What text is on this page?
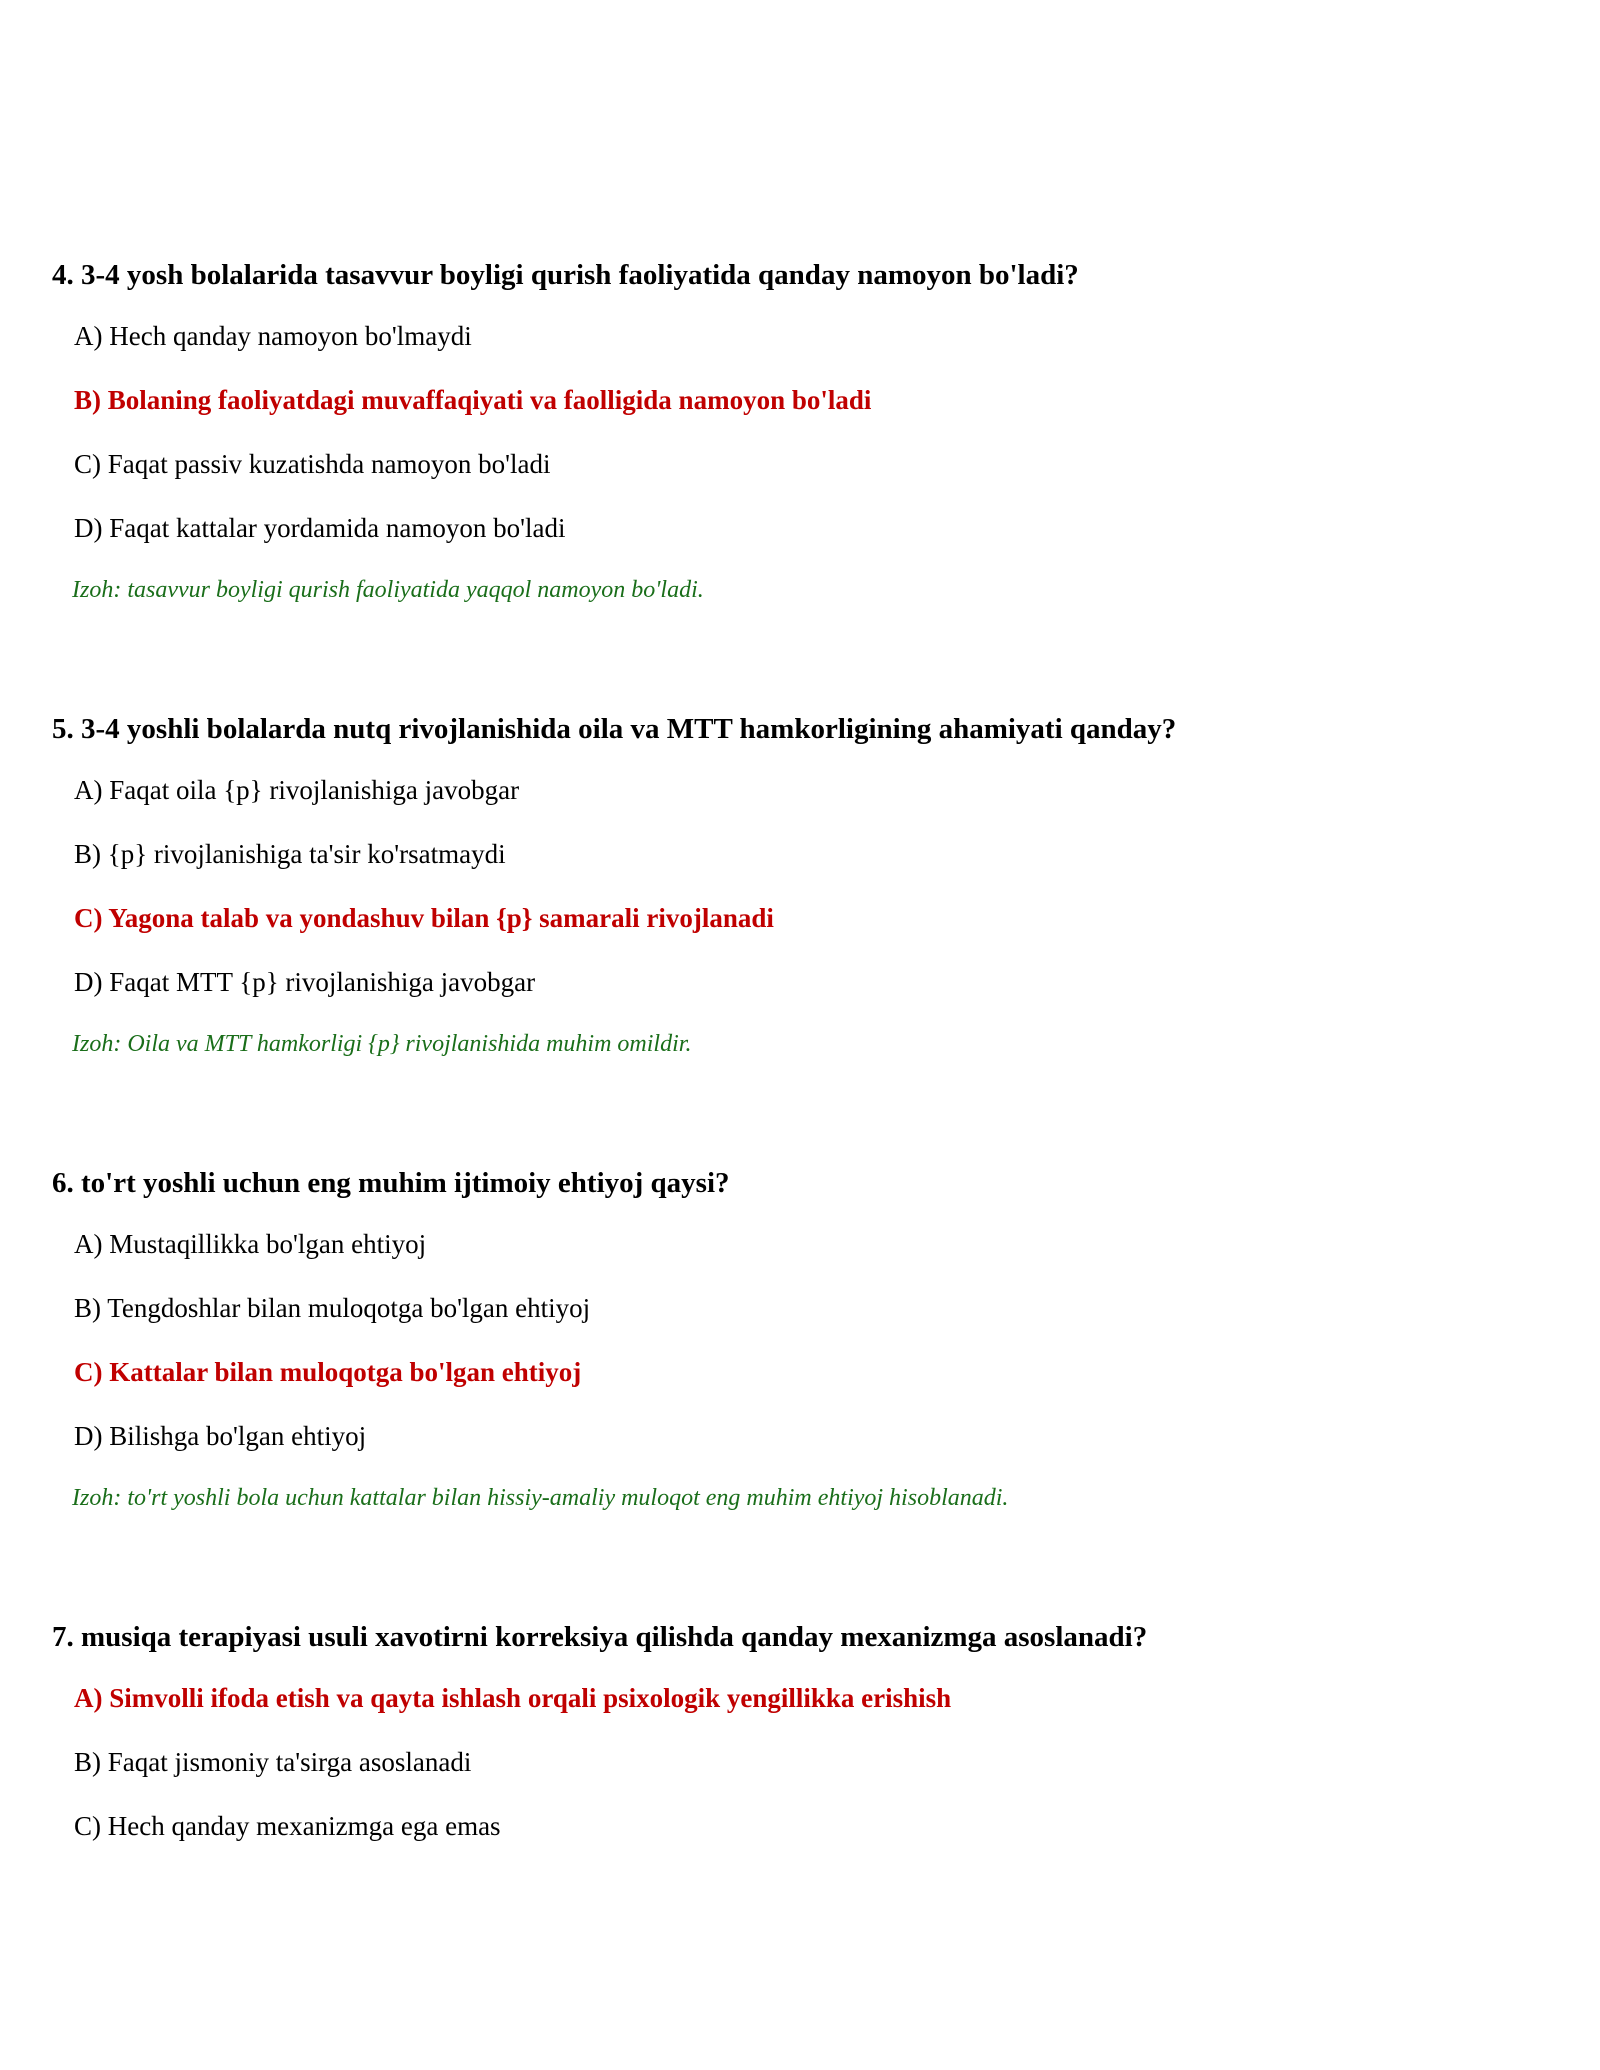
4. 3-4 yosh bolalarida tasavvur boyligi qurish faoliyatida qanday namoyon bo'ladi?
A) Hech qanday namoyon bo'lmaydi
B) Bolaning faoliyatdagi muvaffaqiyati va faolligida namoyon bo'ladi
C) Faqat passiv kuzatishda namoyon bo'ladi
D) Faqat kattalar yordamida namoyon bo'ladi
Izoh: tasavvur boyligi qurish faoliyatida yaqqol namoyon bo'ladi.
5. 3-4 yoshli bolalarda nutq rivojlanishida oila va MTT hamkorligining ahamiyati qanday?
A) Faqat oila {p} rivojlanishiga javobgar
B) {p} rivojlanishiga ta'sir ko'rsatmaydi
C) Yagona talab va yondashuv bilan {p} samarali rivojlanadi
D) Faqat MTT {p} rivojlanishiga javobgar
Izoh: Oila va MTT hamkorligi {p} rivojlanishida muhim omildir.
6. to'rt yoshli uchun eng muhim ijtimoiy ehtiyoj qaysi?
A) Mustaqillikka bo'lgan ehtiyoj
B) Tengdoshlar bilan muloqotga bo'lgan ehtiyoj
C) Kattalar bilan muloqotga bo'lgan ehtiyoj
D) Bilishga bo'lgan ehtiyoj
Izoh: to'rt yoshli bola uchun kattalar bilan hissiy-amaliy muloqot eng muhim ehtiyoj hisoblanadi.
7. musiqa terapiyasi usuli xavotirni korreksiya qilishda qanday mexanizmga asoslanadi?
A) Simvolli ifoda etish va qayta ishlash orqali psixologik yengillikka erishish
B) Faqat jismoniy ta'sirga asoslanadi
C) Hech qanday mexanizmga ega emas
